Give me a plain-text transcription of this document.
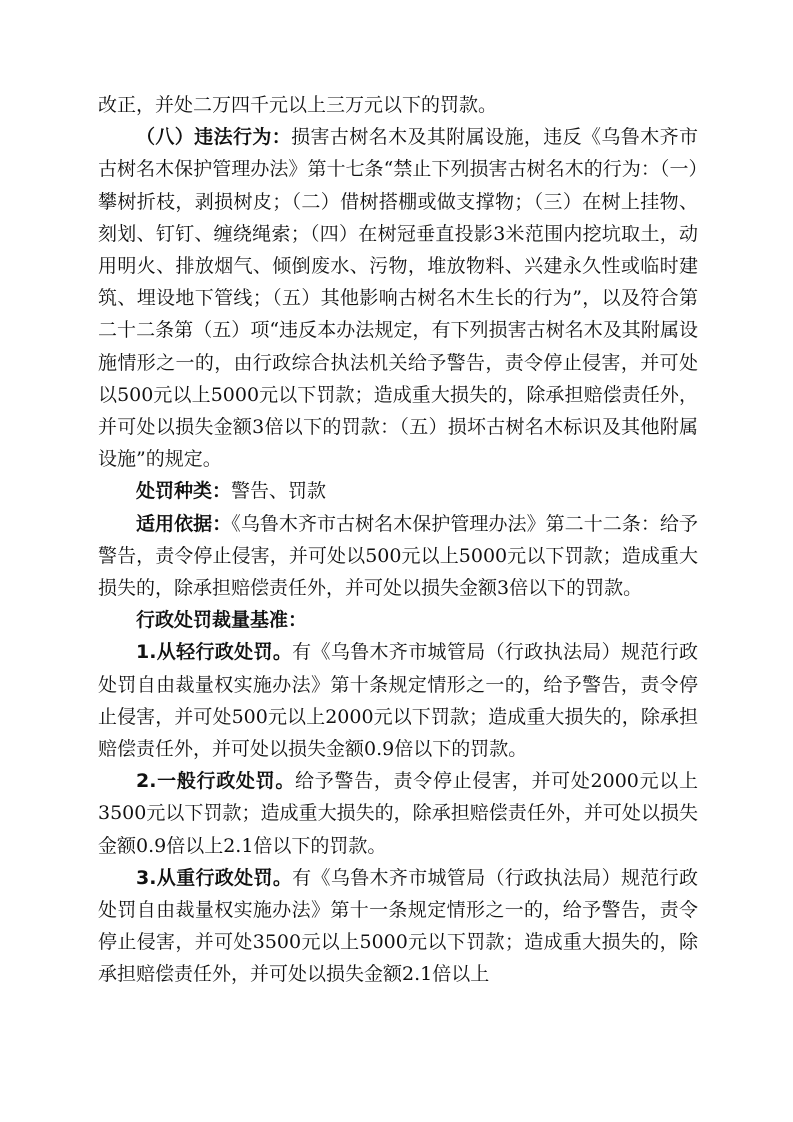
改正，并处二万四千元以上三万元以下的罚款。

（八）违法行为：损害古树名木及其附属设施，违反《乌鲁木齐市古树名木保护管理办法》第十七条“禁止下列损害古树名木的行为：（一）攀树折枝，剥损树皮；（二）借树搭棚或做支撑物；（三）在树上挂物、刻划、钉钉、缠绕绳索；（四）在树冠垂直投影3米范围内挖坑取土，动用明火、排放烟气、倾倒废水、污物，堆放物料、兴建永久性或临时建筑、埋设地下管线；（五）其他影响古树名木生长的行为”，以及符合第二十二条第（五）项“违反本办法规定，有下列损害古树名木及其附属设施情形之一的，由行政综合执法机关给予警告，责令停止侵害，并可处以500元以上5000元以下罚款；造成重大损失的，除承担赔偿责任外，并可处以损失金额3倍以下的罚款：（五）损坏古树名木标识及其他附属设施”的规定。

处罚种类：警告、罚款

适用依据：《乌鲁木齐市古树名木保护管理办法》第二十二条：给予警告，责令停止侵害，并可处以500元以上5000元以下罚款；造成重大损失的，除承担赔偿责任外，并可处以损失金额3倍以下的罚款。

行政处罚裁量基准：

1.从轻行政处罚。有《乌鲁木齐市城管局（行政执法局）规范行政处罚自由裁量权实施办法》第十条规定情形之一的，给予警告，责令停止侵害，并可处500元以上2000元以下罚款；造成重大损失的，除承担赔偿责任外，并可处以损失金额0.9倍以下的罚款。

2.一般行政处罚。给予警告，责令停止侵害，并可处2000元以上3500元以下罚款；造成重大损失的，除承担赔偿责任外，并可处以损失金额0.9倍以上2.1倍以下的罚款。

3.从重行政处罚。有《乌鲁木齐市城管局（行政执法局）规范行政处罚自由裁量权实施办法》第十一条规定情形之一的，给予警告，责令停止侵害，并可处3500元以上5000元以下罚款；造成重大损失的，除承担赔偿责任外，并可处以损失金额2.1倍以上
